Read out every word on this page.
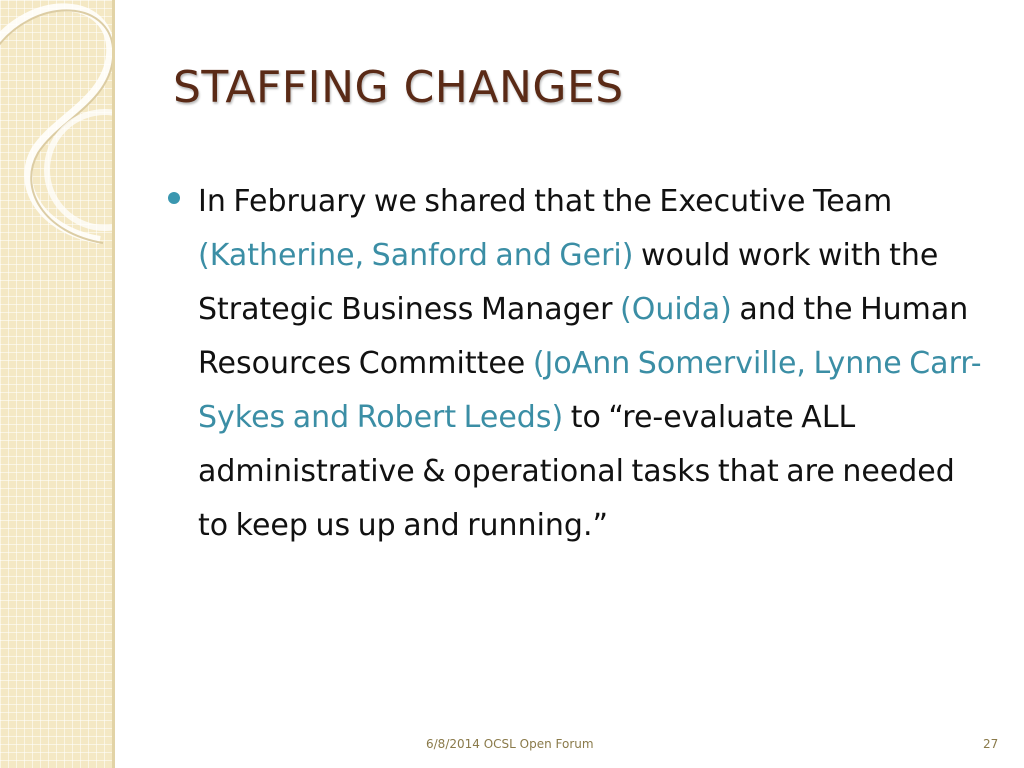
STAFFING CHANGES

In February we shared that the Executive Team (Katherine, Sanford and Geri) would work with the Strategic Business Manager (Ouida) and the Human Resources Committee (JoAnn Somerville, Lynne Carr-Sykes and Robert Leeds) to “re-evaluate ALL administrative & operational tasks that are needed to keep us up and running.”

6/8/2014 OCSL Open Forum	27
